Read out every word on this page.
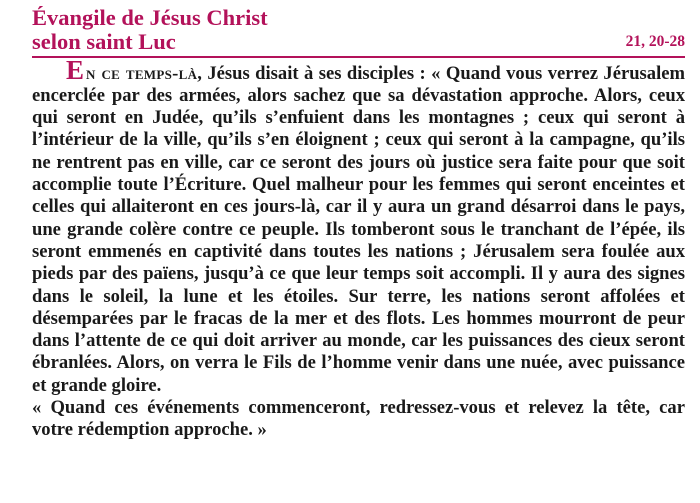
Évangile de Jésus Christ
selon saint Luc	21, 20-28

E n ce temps-là, Jésus disait à ses disciples : « Quand vous verrez Jérusalem encerclée par des armées, alors sachez que sa dévastation approche. Alors, ceux qui seront en Judée, qu’ils s’enfuient dans les montagnes ; ceux qui seront à l’intérieur de la ville, qu’ils s’en éloignent ; ceux qui seront à la campagne, qu’ils ne rentrent pas en ville, car ce seront des jours où justice sera faite pour que soit accomplie toute l’Écriture. Quel malheur pour les femmes qui seront enceintes et celles qui allaiteront en ces jours-là, car il y aura un grand désarroi dans le pays, une grande colère contre ce peuple. Ils tomberont sous le tranchant de l’épée, ils seront emmenés en captivité dans toutes les nations ; Jérusalem sera foulée aux pieds par des païens, jusqu’à ce que leur temps soit accompli. Il y aura des signes dans le soleil, la lune et les étoiles. Sur terre, les nations seront affolées et désemparées par le fracas de la mer et des flots. Les hommes mourront de peur dans l’attente de ce qui doit arriver au monde, car les puissances des cieux seront ébranlées. Alors, on verra le Fils de l’homme venir dans une nuée, avec puissance et grande gloire.

« Quand ces événements commenceront, redressez-vous et relevez la tête, car votre rédemption approche. »
